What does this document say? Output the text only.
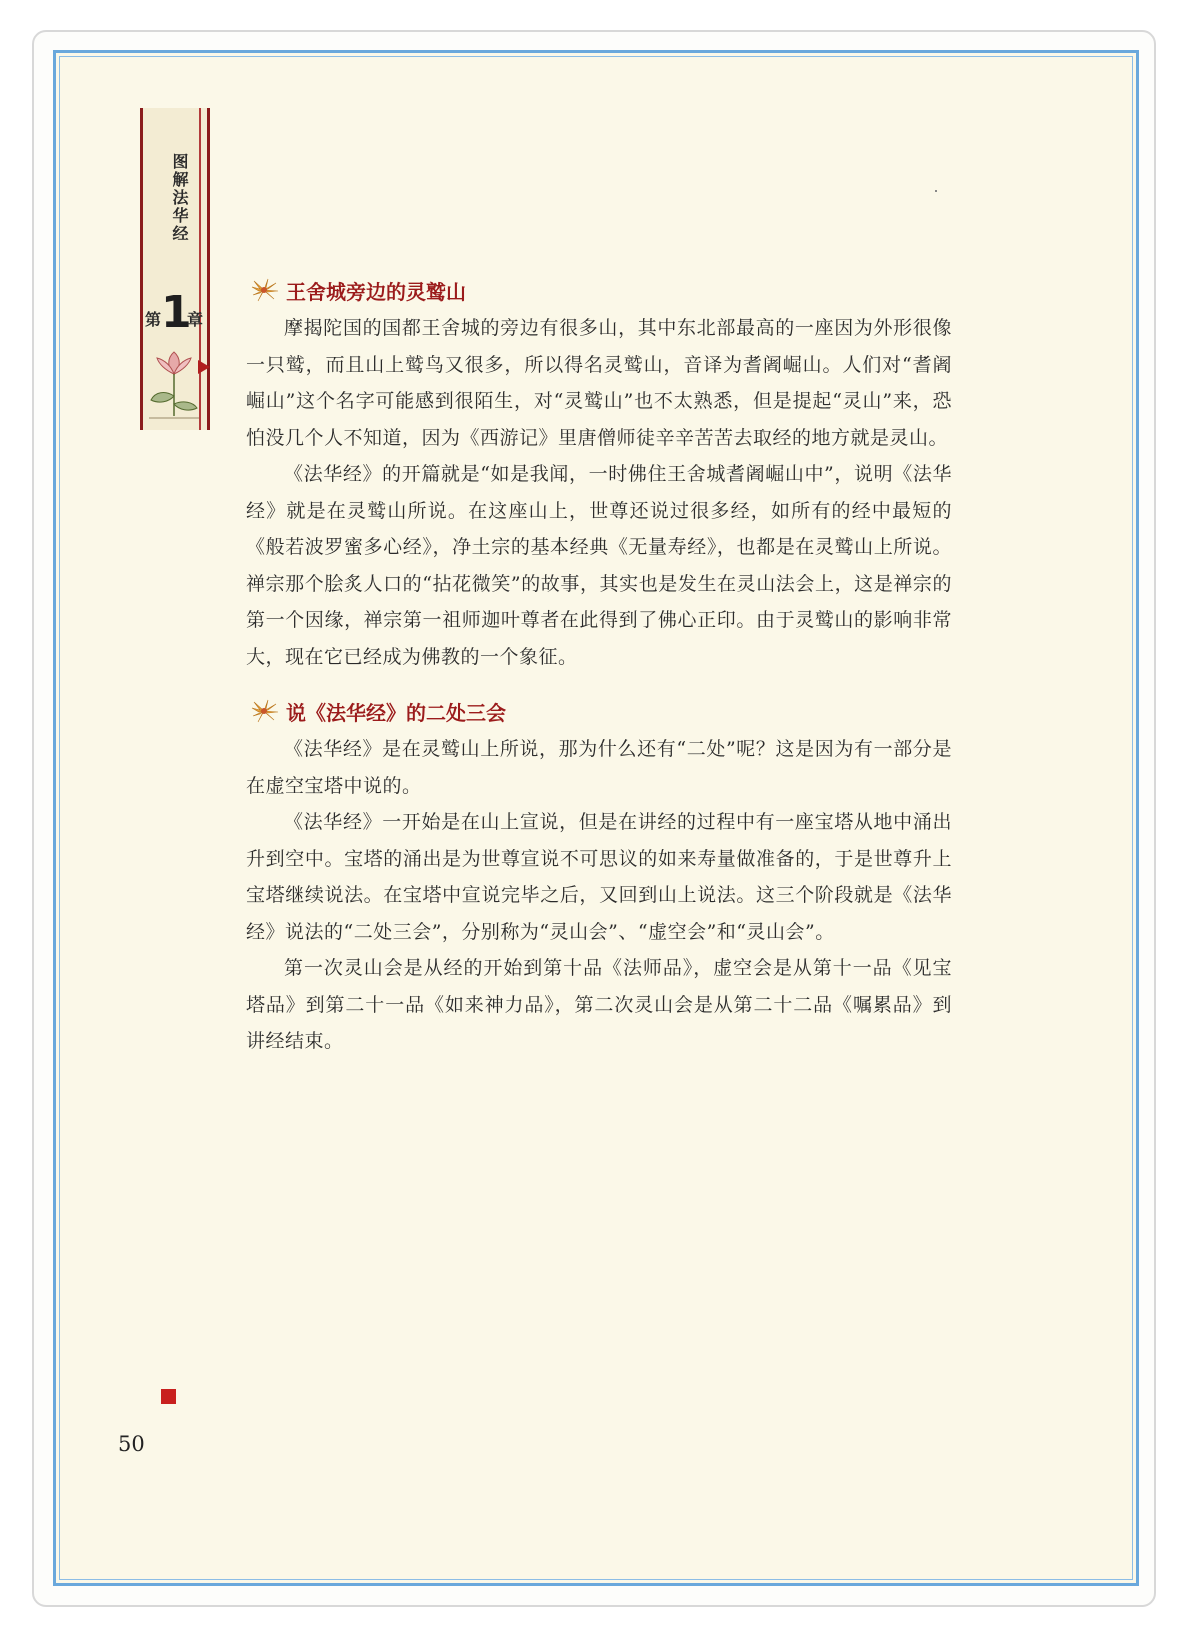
图解法华经
第 1
章
王舍城旁边的灵鹫山

摩揭陀国的国都王舍城的旁边有很多山，其中东北部最高的一座因为外形很像一只鹫，而且山上鹫鸟又很多，所以得名灵鹫山，音译为耆阇崛山。人们对“耆阇崛山”这个名字可能感到很陌生，对“灵鹫山”也不太熟悉，但是提起“灵山”来，恐怕没几个人不知道，因为《西游记》里唐僧师徒辛辛苦苦去取经的地方就是灵山。

《法华经》的开篇就是“如是我闻，一时佛住王舍城耆阇崛山中”，说明《法华经》就是在灵鹫山所说。在这座山上，世尊还说过很多经，如所有的经中最短的《般若波罗蜜多心经》，净土宗的基本经典《无量寿经》，也都是在灵鹫山上所说。禅宗那个脍炙人口的“拈花微笑”的故事，其实也是发生在灵山法会上，这是禅宗的第一个因缘，禅宗第一祖师迦叶尊者在此得到了佛心正印。由于灵鹫山的影响非常大，现在它已经成为佛教的一个象征。

说《法华经》的二处三会

《法华经》是在灵鹫山上所说，那为什么还有“二处”呢？这是因为有一部分是在虚空宝塔中说的。

《法华经》一开始是在山上宣说，但是在讲经的过程中有一座宝塔从地中涌出升到空中。宝塔的涌出是为世尊宣说不可思议的如来寿量做准备的，于是世尊升上宝塔继续说法。在宝塔中宣说完毕之后，又回到山上说法。这三个阶段就是《法华经》说法的“二处三会”，分别称为“灵山会”、“虚空会”和“灵山会”。

第一次灵山会是从经的开始到第十品《法师品》，虚空会是从第十一品《见宝塔品》到第二十一品《如来神力品》，第二次灵山会是从第二十二品《嘱累品》到讲经结束。

50
